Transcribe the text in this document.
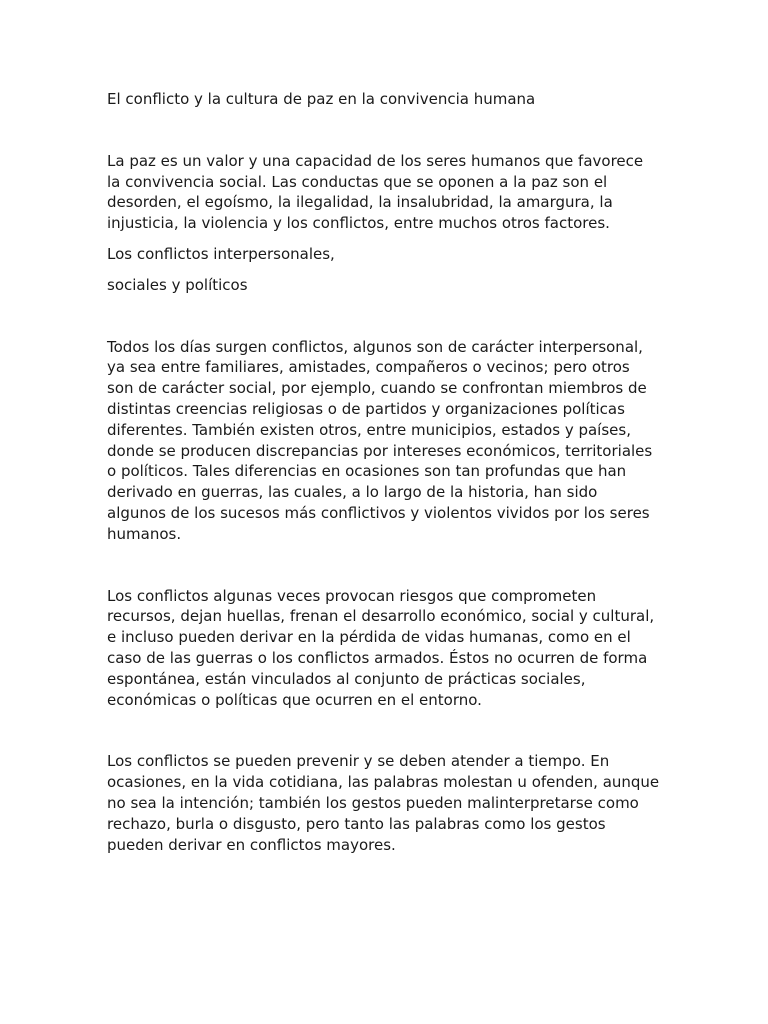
El conflicto y la cultura de paz en la convivencia humana

La paz es un valor y una capacidad de los seres humanos que favorece
la convivencia social. Las conductas que se oponen a la paz son el
desorden, el egoísmo, la ilegalidad, la insalubridad, la amargura, la
injusticia, la violencia y los conflictos, entre muchos otros factores.

Los conflictos interpersonales,

sociales y políticos

Todos los días surgen conflictos, algunos son de carácter interpersonal,
ya sea entre familiares, amistades, compañeros o vecinos; pero otros
son de carácter social, por ejemplo, cuando se confrontan miembros de
distintas creencias religiosas o de partidos y organizaciones políticas
diferentes. También existen otros, entre municipios, estados y países,
donde se producen discrepancias por intereses económicos, territoriales
o políticos. Tales diferencias en ocasiones son tan profundas que han
derivado en guerras, las cuales, a lo largo de la historia, han sido
algunos de los sucesos más conflictivos y violentos vividos por los seres
humanos.

Los conflictos algunas veces provocan riesgos que comprometen
recursos, dejan huellas, frenan el desarrollo económico, social y cultural,
e incluso pueden derivar en la pérdida de vidas humanas, como en el
caso de las guerras o los conflictos armados. Éstos no ocurren de forma
espontánea, están vinculados al conjunto de prácticas sociales,
económicas o políticas que ocurren en el entorno.

Los conflictos se pueden prevenir y se deben atender a tiempo. En
ocasiones, en la vida cotidiana, las palabras molestan u ofenden, aunque
no sea la intención; también los gestos pueden malinterpretarse como
rechazo, burla o disgusto, pero tanto las palabras como los gestos
pueden derivar en conflictos mayores.
